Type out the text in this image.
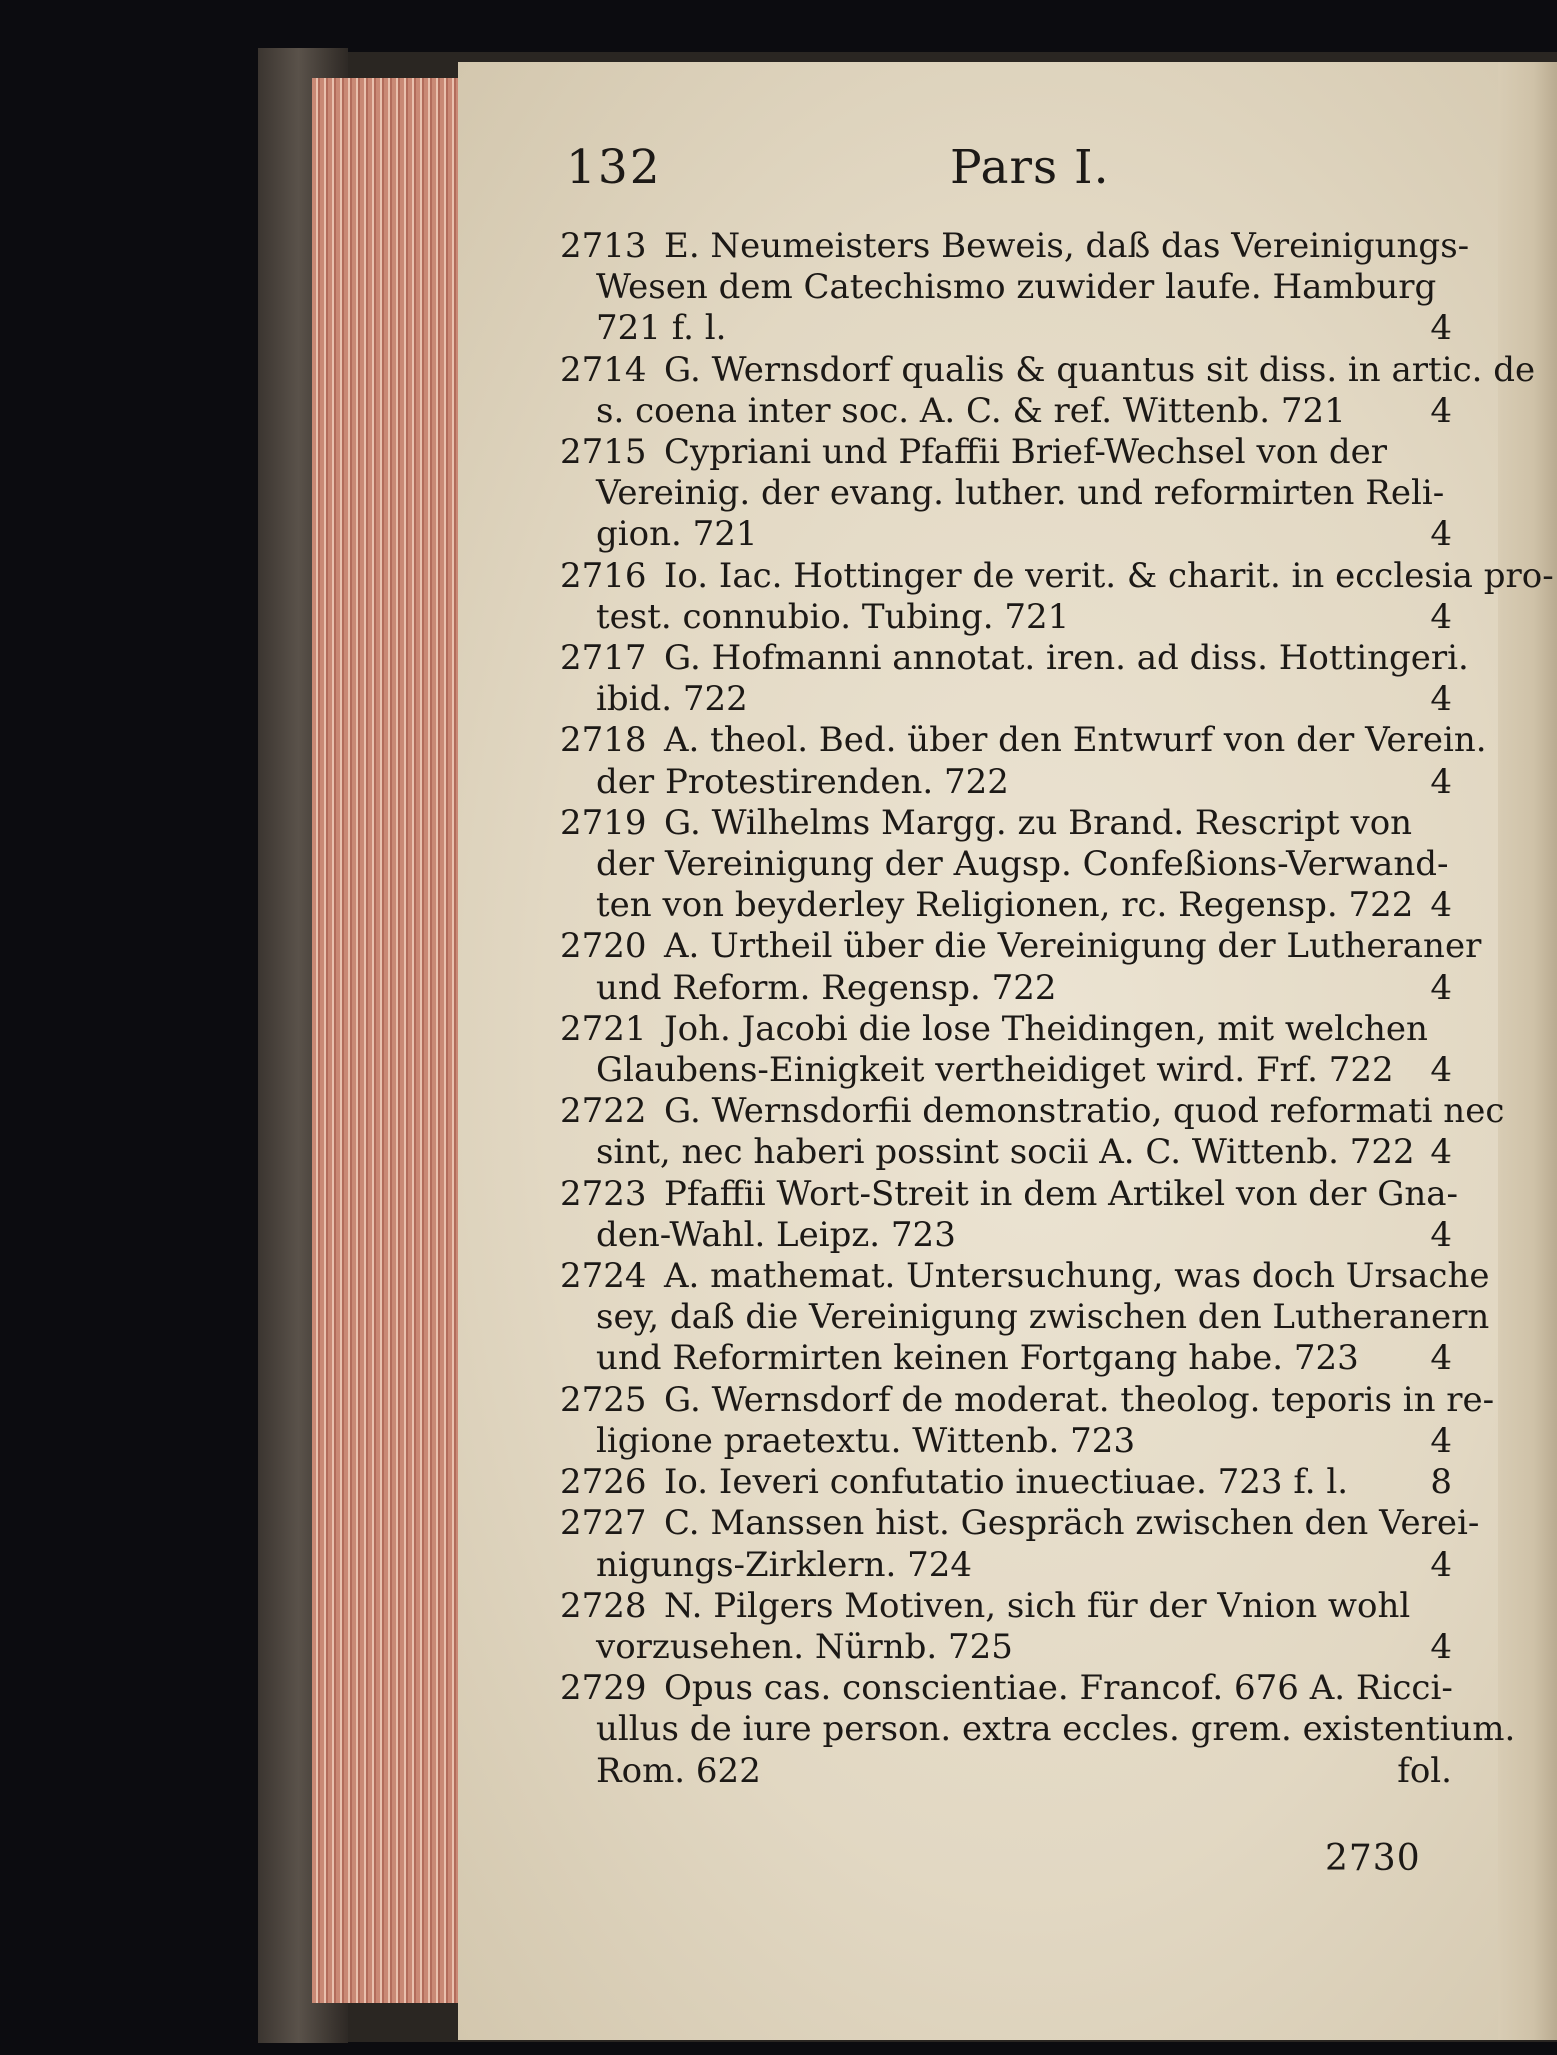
132	Pars I.
2713 E. Neumeisters Beweis, daß das Vereinigungs-
Wesen dem Catechismo zuwider laufe. Hamburg
721 f. l.	4
2714 G. Wernsdorf qualis & quantus sit diss. in artic. de
s. coena inter soc. A. C. & ref. Wittenb. 721	4
2715 Cypriani und Pfaffii Brief-Wechsel von der
Vereinig. der evang. luther. und reformirten Reli-
gion. 721	4
2716 Io. Iac. Hottinger de verit. & charit. in ecclesia pro-
test. connubio. Tubing. 721	4
2717 G. Hofmanni annotat. iren. ad diss. Hottingeri.
ibid. 722	4
2718 A. theol. Bed. über den Entwurf von der Verein.
der Protestirenden. 722	4
2719 G. Wilhelms Margg. zu Brand. Rescript von
der Vereinigung der Augsp. Confeßions-Verwand-
ten von beyderley Religionen, rc. Regensp. 722 4
2720 A. Urtheil über die Vereinigung der Lutheraner
und Reform. Regensp. 722	4
2721 Joh. Jacobi die lose Theidingen, mit welchen
Glaubens-Einigkeit vertheidiget wird. Frf. 722	4
2722 G. Wernsdorfii demonstratio, quod reformati nec
sint, nec haberi possint socii A. C. Wittenb. 722 4
2723 Pfaffii Wort-Streit in dem Artikel von der Gna-
den-Wahl. Leipz. 723	4
2724 A. mathemat. Untersuchung, was doch Ursache
sey, daß die Vereinigung zwischen den Lutheranern
und Reformirten keinen Fortgang habe. 723	4
2725 G. Wernsdorf de moderat. theolog. teporis in re-
ligione praetextu. Wittenb. 723	4
2726 Io. Ieveri confutatio inuectiuae. 723 f. l.	8
2727 C. Manssen hist. Gespräch zwischen den Verei-
nigungs-Zirklern. 724	4
2728 N. Pilgers Motiven, sich für der Vnion wohl
vorzusehen. Nürnb. 725	4
2729 Opus cas. conscientiae. Francof. 676 A. Ricci-
ullus de iure person. extra eccles. grem. existentium.
Rom. 622	fol.
2730
